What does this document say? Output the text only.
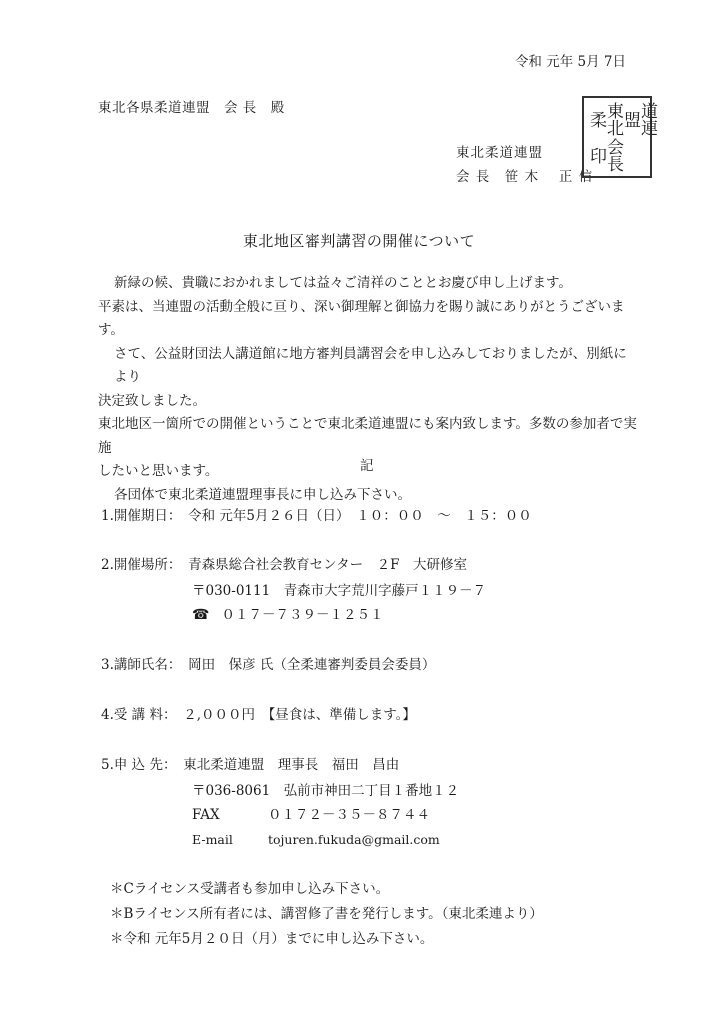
令和 元年 5月 7日
東北各県柔道連盟　会 長　殿
東北柔道連盟
会 長　笹 木　 正 信
東北柔	道連盟
会長印

東北地区審判講習の開催について

新緑の候、貴職におかれましては益々ご清祥のこととお慶び申し上げます。

平素は、当連盟の活動全般に亘り、深い御理解と御協力を賜り誠にありがとうございます。

さて、公益財団法人講道館に地方審判員講習会を申し込みしておりましたが、別紙により

決定致しました。

東北地区一箇所での開催ということで東北柔道連盟にも案内致します。多数の参加者で実施

したいと思います。

各団体で東北柔道連盟理事長に申し込み下さい。

記
1.開催期日：　令和 元年5月２６日（日）　１０：００　～　１５：００
2.開催場所：　青森県総合社会教育センター　２F　大研修室
〒030-0111　青森市大字荒川字藤戸１１９－７
☎ ０１７－７３９－１２５１
3.講師氏名：　岡田　保彦 氏（全柔連審判委員会委員）
4.受 講 料：　２,０００円　【昼食は、準備します。】
5.申 込 先：　東北柔道連盟　理事長　福田　昌由
〒036-8061　弘前市神田二丁目１番地１２
FAX	０１７２－３５－８７４４
E-mail	tojuren.fukuda@gmail.com
＊Cライセンス受講者も参加申し込み下さい。
＊Bライセンス所有者には、講習修了書を発行します。（東北柔連より）
＊令和 元年5月２０日（月）までに申し込み下さい。
